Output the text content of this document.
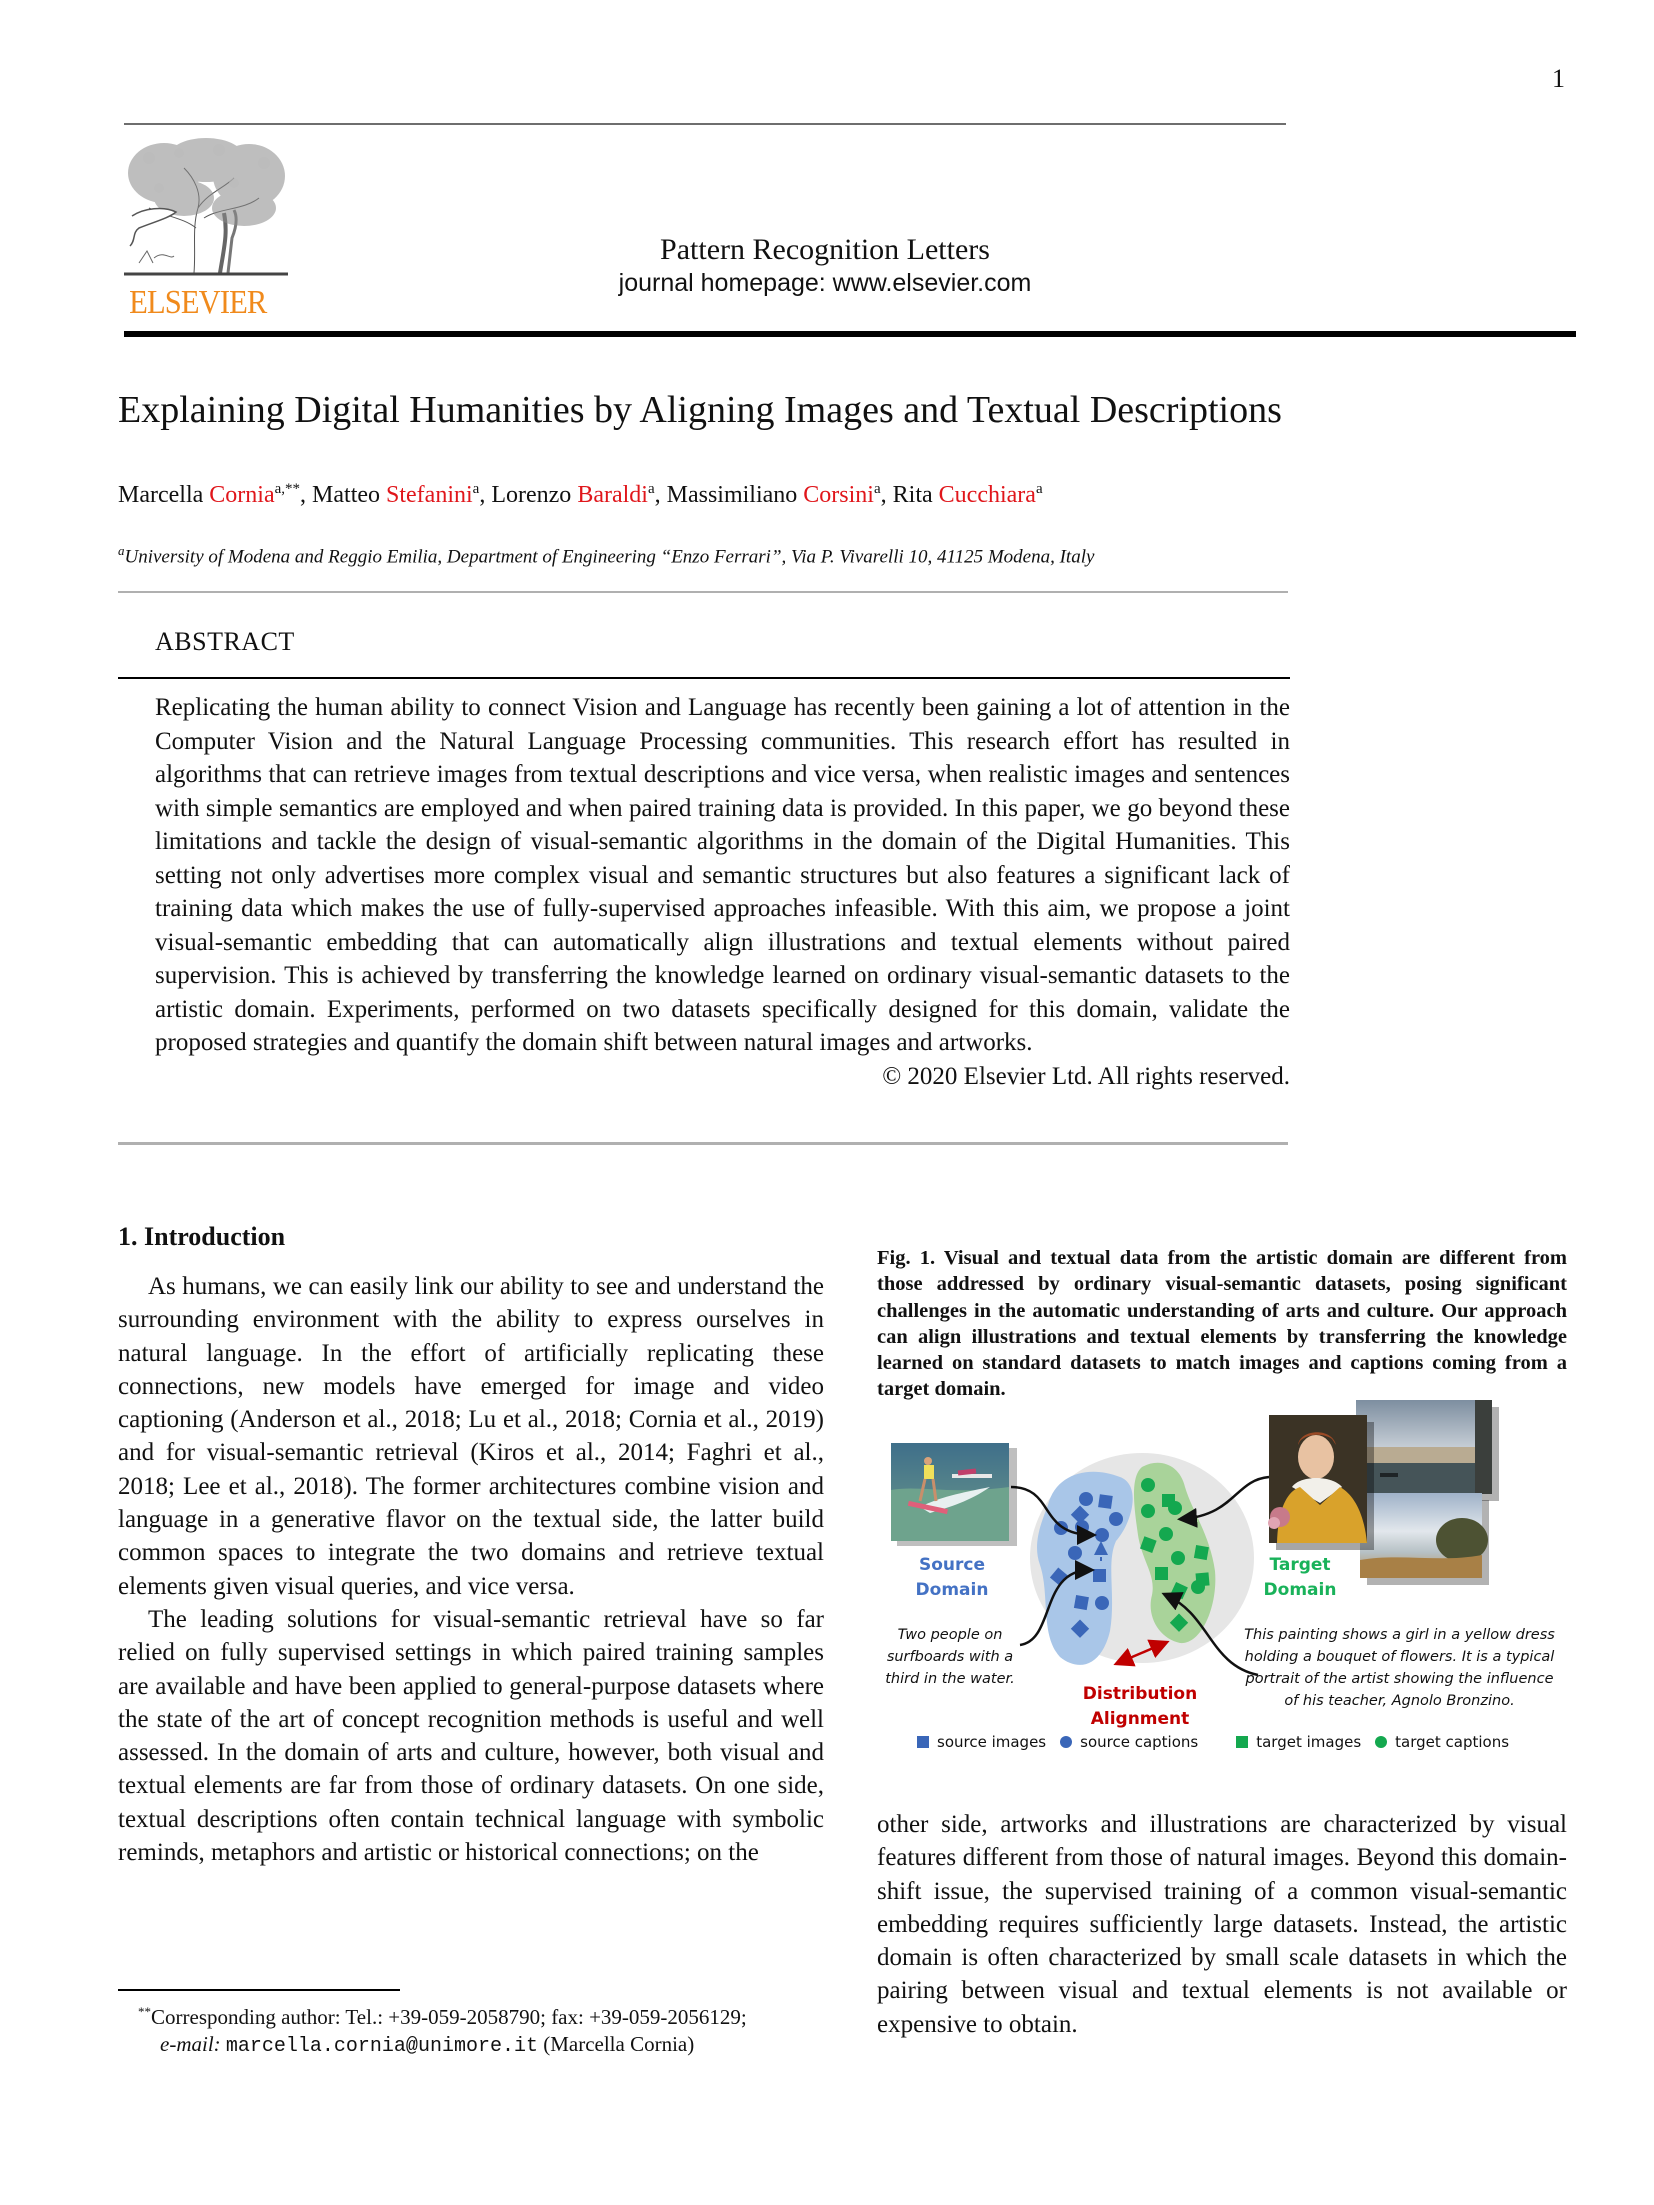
1
ELSEVIER
Pattern Recognition Letters
journal homepage: www.elsevier.com
Explaining Digital Humanities by Aligning Images and Textual Descriptions
Marcella Cornia$^{a,**}$, Matteo Stefanini$^a$, Lorenzo Baraldi$^a$, Massimiliano Corsini$^a$, Rita Cucchiara$^a$
$^a$University of Modena and Reggio Emilia, Department of Engineering “Enzo Ferrari”, Via P. Vivarelli 10, 41125 Modena, Italy
ABSTRACT

Replicating the human ability to connect Vision and Language has recently been gaining a lot of attention in the Computer Vision and the Natural Language Processing communities. This research effort has resulted in algorithms that can retrieve images from textual descriptions and vice versa, when realistic images and sentences with simple semantics are employed and when paired training data is provided. In this paper, we go beyond these limitations and tackle the design of visual-semantic algorithms in the domain of the Digital Humanities. This setting not only advertises more complex visual and semantic structures but also features a significant lack of training data which makes the use of fully-supervised approaches infeasible. With this aim, we propose a joint visual-semantic embedding that can automatically align illustrations and textual elements without paired supervision. This is achieved by transferring the knowledge learned on ordinary visual-semantic datasets to the artistic domain. Experiments, performed on two datasets specifically designed for this domain, validate the proposed strategies and quantify the domain shift between natural images and artworks.

© 2020 Elsevier Ltd. All rights reserved.

1. Introduction

As humans, we can easily link our ability to see and understand the surrounding environment with the ability to express ourselves in natural language. In the effort of artificially replicating these connections, new models have emerged for image and video captioning (Anderson et al., 2018; Lu et al., 2018; Cornia et al., 2019) and for visual-semantic retrieval (Kiros et al., 2014; Faghri et al., 2018; Lee et al., 2018). The former architectures combine vision and language in a generative flavor on the textual side, the latter build common spaces to integrate the two domains and retrieve textual elements given visual queries, and vice versa.

The leading solutions for visual-semantic retrieval have so far relied on fully supervised settings in which paired training samples are available and have been applied to general-purpose datasets where the state of the art of concept recognition methods is useful and well assessed. In the domain of arts and culture, however, both visual and textual elements are far from those of ordinary datasets. On one side, textual descriptions often contain technical language with symbolic reminds, metaphors and artistic or historical connections; on the

Fig. 1. Visual and textual data from the artistic domain are different from those addressed by ordinary visual-semantic datasets, posing significant challenges in the automatic understanding of arts and culture. Our approach can align illustrations and textual elements by transferring the knowledge learned on standard datasets to match images and captions coming from a target domain.
Source
Domain
Target
Domain
Distribution
Alignment
Two people on surfboards with a third in the water.
This painting shows a girl in a yellow dress holding a bouquet of flowers. It is a typical portrait of the artist showing the influence of his teacher, Agnolo Bronzino.
source images source captions	target images target captions

other side, artworks and illustrations are characterized by visual features different from those of natural images. Beyond this domain-shift issue, the supervised training of a common visual-semantic embedding requires sufficiently large datasets. Instead, the artistic domain is often characterized by small scale datasets in which the pairing between visual and textual elements is not available or expensive to obtain.

**Corresponding author: Tel.: +39-059-2058790; fax: +39-059-2056129;
e-mail: marcella.cornia@unimore.it (Marcella Cornia)
